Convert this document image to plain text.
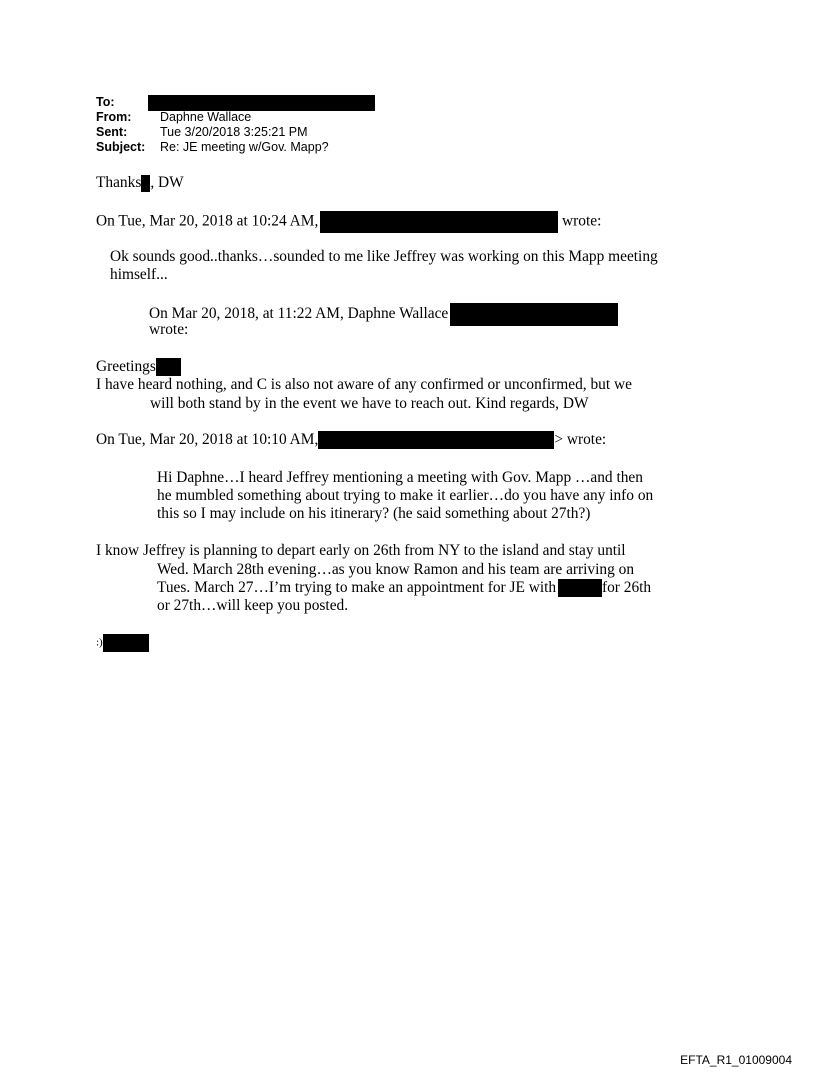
To:
From:	Daphne Wallace
Sent:	Tue 3/20/2018 3:25:21 PM
Subject:	Re: JE meeting w/Gov. Mapp?
Thanks , DW
On Tue, Mar 20, 2018 at 10:24 AM,	wrote:
Ok sounds good..thanks…sounded to me like Jeffrey was working on this Mapp meeting
himself...
On Mar 20, 2018, at 11:22 AM, Daphne Wallace
wrote:
Greetings
I have heard nothing, and C is also not aware of any confirmed or unconfirmed, but we
will both stand by in the event we have to reach out. Kind regards, DW
On Tue, Mar 20, 2018 at 10:10 AM,	> wrote:
Hi Daphne…I heard Jeffrey mentioning a meeting with Gov. Mapp …and then
he mumbled something about trying to make it earlier…do you have any info on
this so I may include on his itinerary? (he said something about 27th?)
I know Jeffrey is planning to depart early on 26th from NY to the island and stay until
Wed. March 28th evening…as you know Ramon and his team are arriving on
Tues. March 27…I’m trying to make an appointment for JE with	for 26th
or 27th…will keep you posted.
:)
EFTA_R1_01009004
